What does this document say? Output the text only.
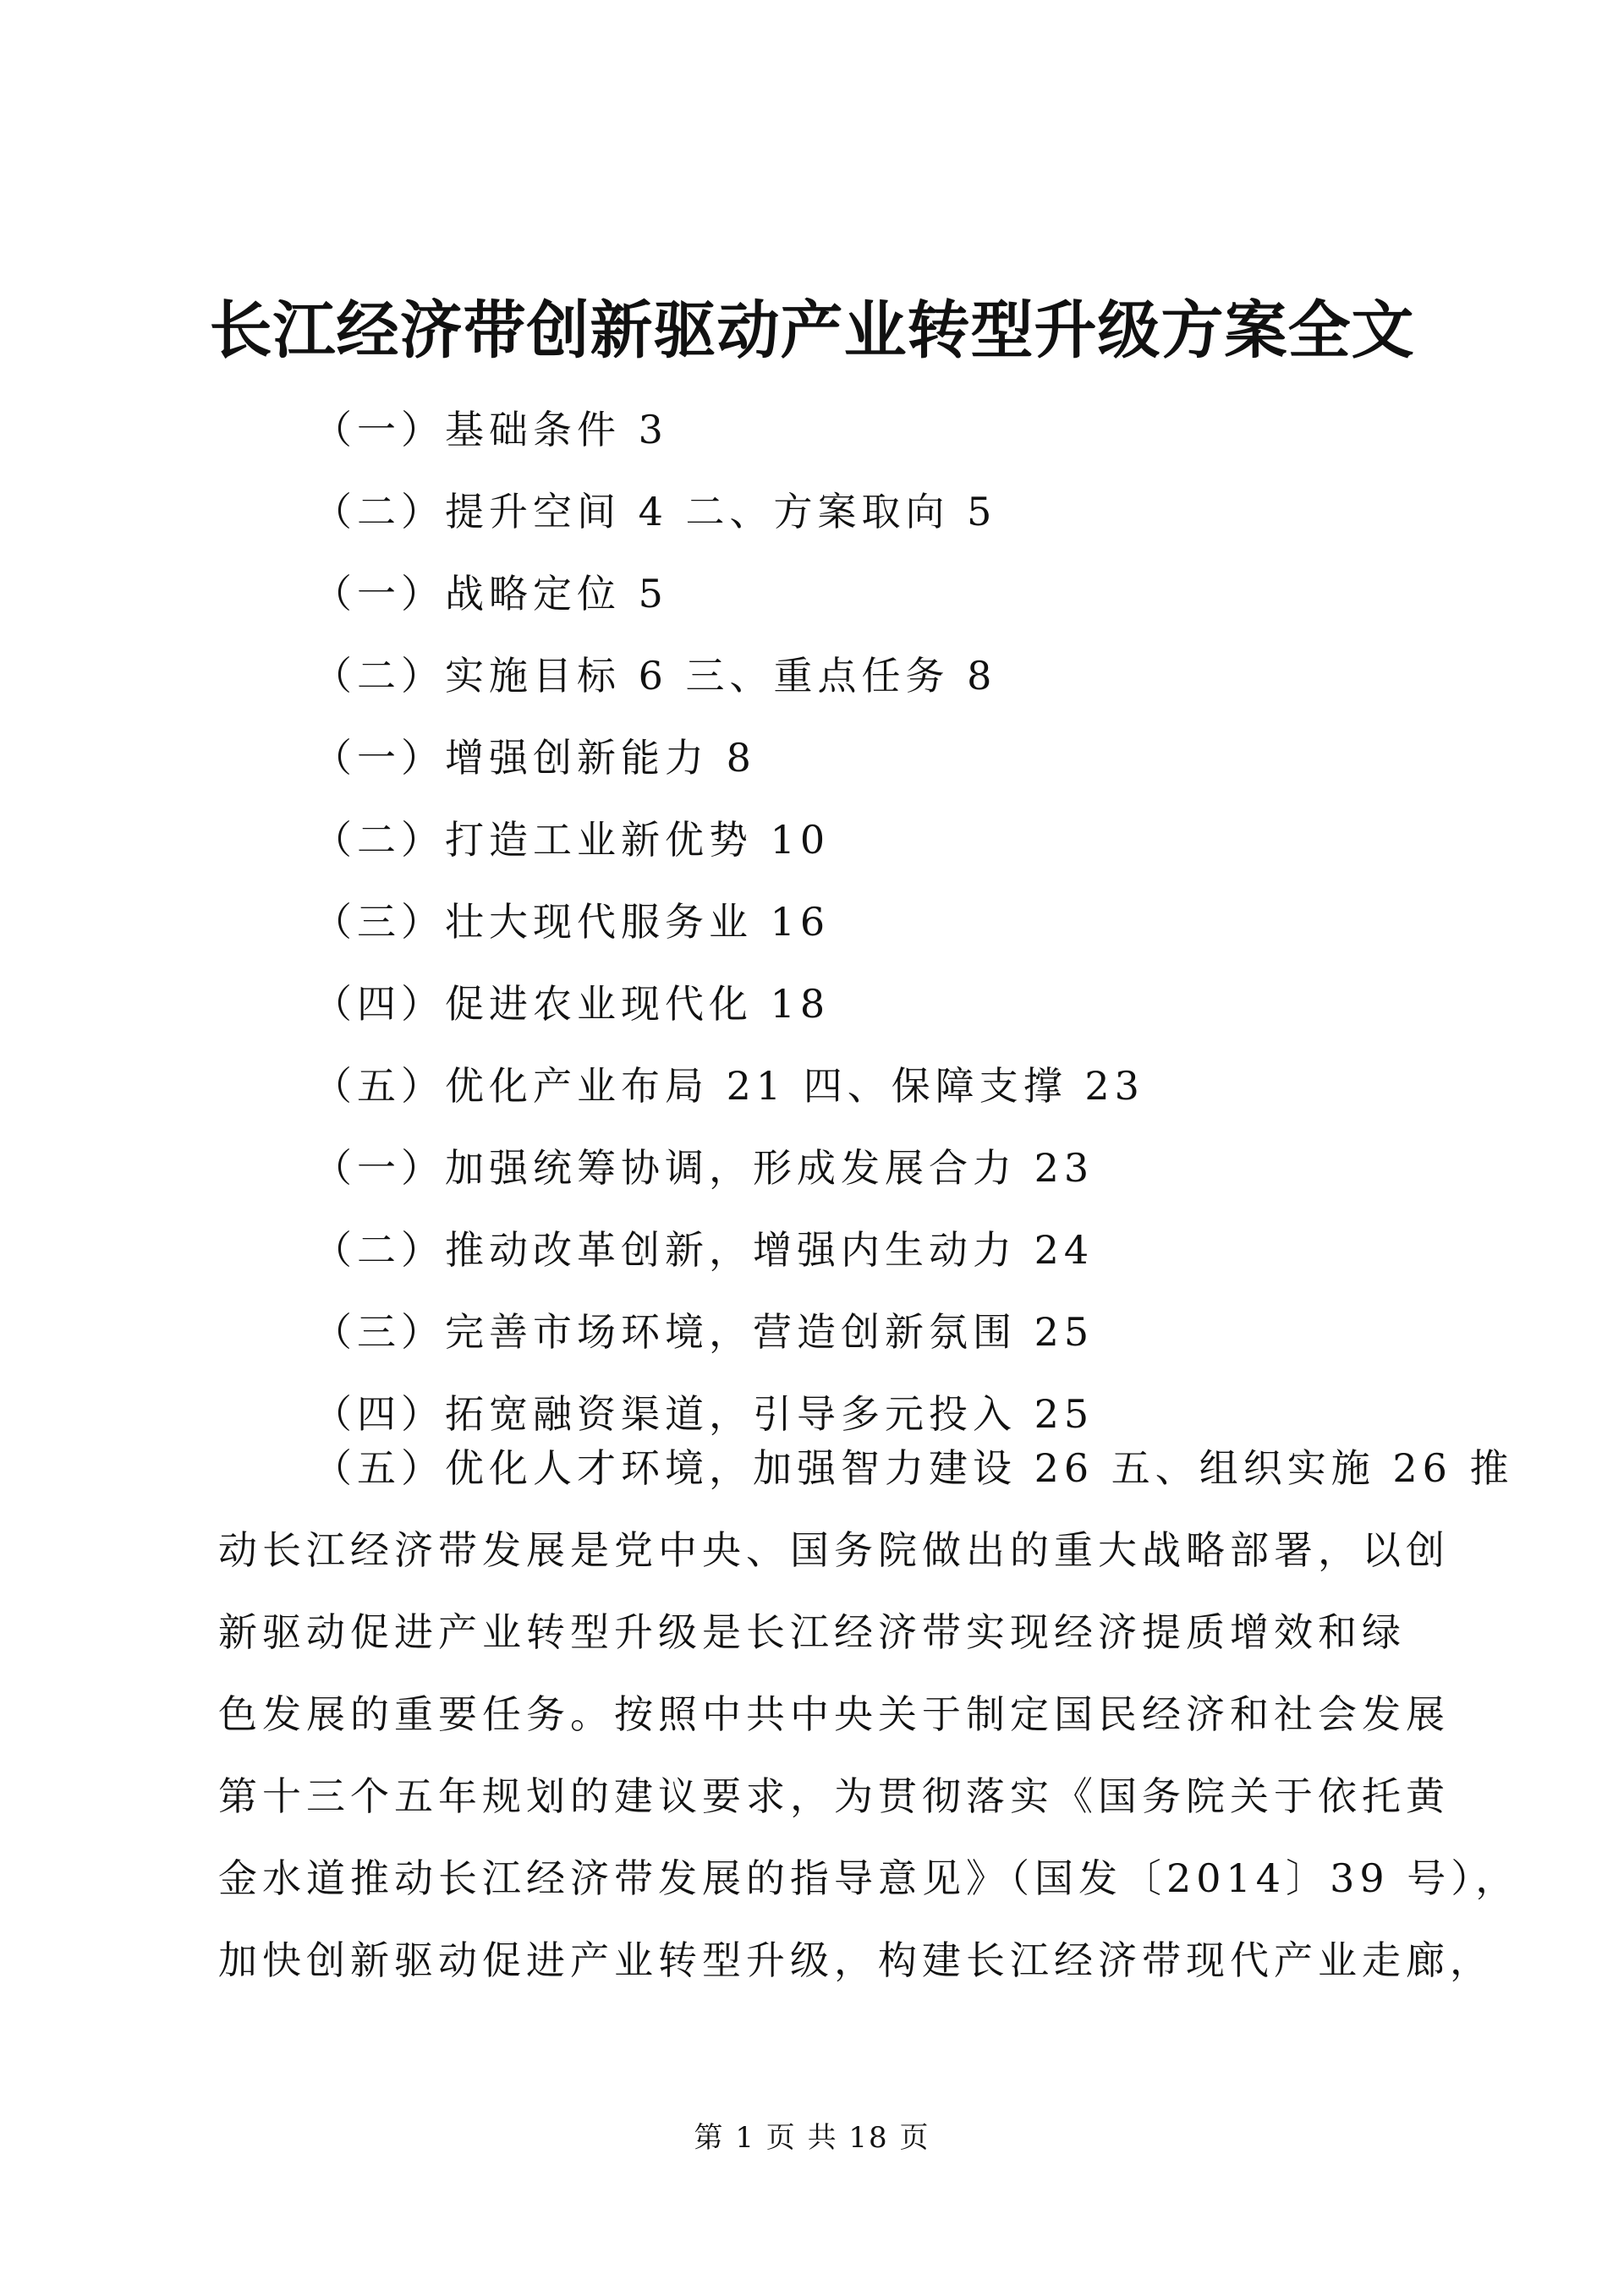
长江经济带创新驱动产业转型升级方案全文
（一）基础条件 3
（二）提升空间 4 二、方案取向 5
（一）战略定位 5
（二）实施目标 6 三、重点任务 8
（一）增强创新能力 8
（二）打造工业新优势 10
（三）壮大现代服务业 16
（四）促进农业现代化 18
（五）优化产业布局 21 四、保障支撑 23
（一）加强统筹协调，形成发展合力 23
（二）推动改革创新，增强内生动力 24
（三）完善市场环境，营造创新氛围 25
（四）拓宽融资渠道，引导多元投入 25
（五）优化人才环境，加强智力建设 26 五、组织实施 26 推
动长江经济带发展是党中央、国务院做出的重大战略部署，以创
新驱动促进产业转型升级是长江经济带实现经济提质增效和绿
色发展的重要任务。按照中共中央关于制定国民经济和社会发展
第十三个五年规划的建议要求，为贯彻落实《国务院关于依托黄
金水道推动长江经济带发展的指导意见》（国发〔2014〕39 号），
加快创新驱动促进产业转型升级，构建长江经济带现代产业走廊，
第 1 页 共 18 页
